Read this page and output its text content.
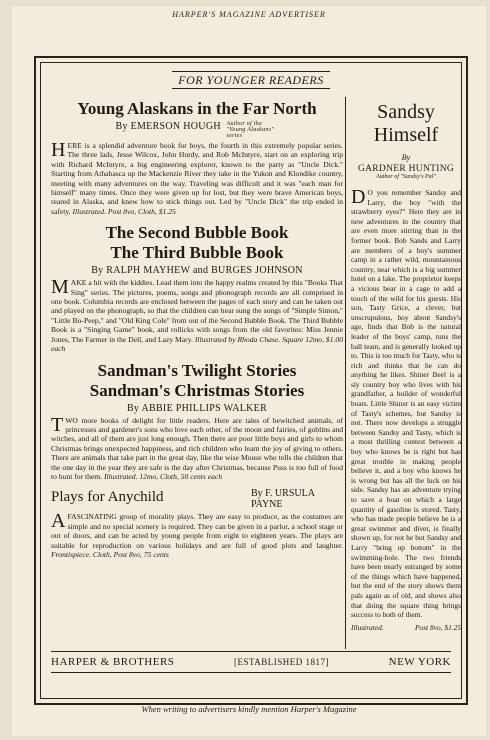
HARPER'S MAGAZINE ADVERTISER
FOR YOUNGER READERS
Young Alaskans in the Far North
By EMERSON HOUGH Author of the "Young Alaskans" series

HERE is a splendid adventure book for boys, the fourth in this extremely popular series. The three lads, Jesse Wilcox, John Hurdy, and Rob McIntyre, start on an exploring trip with Richard McIntyre, a big engineering explorer, known to the party as "Uncle Dick." Starting from Athabasca up the Mackenzie River they take in the Yukon and Klondike country, meeting with many adventures on the way. Traveling was difficult and it was "each man for himself" many times. Once they were given up for lost, but they were brave American boys, reared in Alaska, and knew how to stick things out. Led by "Uncle Dick" the trip ended in safety. Illustrated. Post 8vo, Cloth, $1.25

The Second Bubble Book
The Third Bubble Book
By RALPH MAYHEW and BURGES JOHNSON

MAKE a hit with the kiddies. Lead them into the happy realms created by this "Books That Sing" series. The pictures, poems, songs and phonograph records are all comprised in one book. Columbia records are enclosed between the pages of each story and can be taken out and played on the phonograph, so that the children can hear sung the songs of "Simple Simon," "Little Bo-Peep," and "Old King Cole" from out of the Second Bubble Book. The Third Bubble Book is a "Singing Game" book, and rollicks with songs from the old favorites: Miss Jennie Jones, The Farmer in the Dell, and Lazy Mary. Illustrated by Rhoda Chase. Square 12mo, $1.00 each

Sandman's Twilight Stories
Sandman's Christmas Stories
By ABBIE PHILLIPS WALKER

TWO more books of delight for little readers. Here are tales of bewitched animals, of princesses and gardener's sons who love each other, of the moon and fairies, of goblins and witches, and all of them are just long enough. Then there are poor little boys and girls to whom Christmas brings unexpected happiness, and rich children who learn the joy of giving to others. There are animals that take part in the great day, like the wise Mouse who tells the children that the one day in the year they are safe is the day after Christmas, because Puss is too full of food to hunt for them. Illustrated. 12mo, Cloth, 50 cents each

Plays for Anychild	By F. URSULA PAYNE

AFASCINATING group of morality plays. They are easy to produce, as the costumes are simple and no special scenery is required. They can be given in a parlor, a school stage or out of doors, and can be acted by young people from eight to eighteen years. The plays are suitable for reproduction on various holidays and are full of good plots and laughter. Frontispiece. Cloth, Post 8vo, 75 cents

Sandsy
Himself

By

GARDNER HUNTING

Author of "Sandsy's Pal"

D O you remember Sandsy and Larry, the boy "with the strawberry eyes?" Here they are in new adventures in the country that are even more stirring than in the former book. Bob Sands and Larry are members of a boy's summer camp in a rather wild, mountainous country, near which is a big summer hotel on a lake. The proprietor keeps a vicious bear in a cage to add a touch of the wild for his guests. His son, Tasty Grice, a clever, but unscrupulous, boy about Sandsy's age, finds that Bob is the natural leader of the boys' camp, runs the ball team, and is generally looked up to. This is too much for Tasty, who is rich and thinks that he can do anything he likes. Shiner Beel is a sly country boy who lives with his grandfather, a builder of wonderful boats. Little Shiner is an easy victim of Tasty's schemes, but Sandsy is not. There now develops a struggle between Sandsy and Tasty, which is a most thrilling contest between a boy who knows he is right but has great trouble in making people believe it, and a boy who knows he is wrong but has all the luck on his side. Sandsy has an adventure trying to save a boat on which a large quantity of gasoline is stored. Tasty, who has made people believe he is a great swimmer and diver, is finally shown up, for not he but Sandsy and Larry "bring up bottom" in the swimming-hole. The two friends have been nearly estranged by some of the things which have happened, but the end of the story shows them pals again as of old, and shows also that doing the square thing brings success to both of them.

Illustrated.	Post 8vo, $1.25
HARPER & BROTHERS	[ESTABLISHED 1817]	NEW YORK
When writing to advertisers kindly mention Harper's Magazine
